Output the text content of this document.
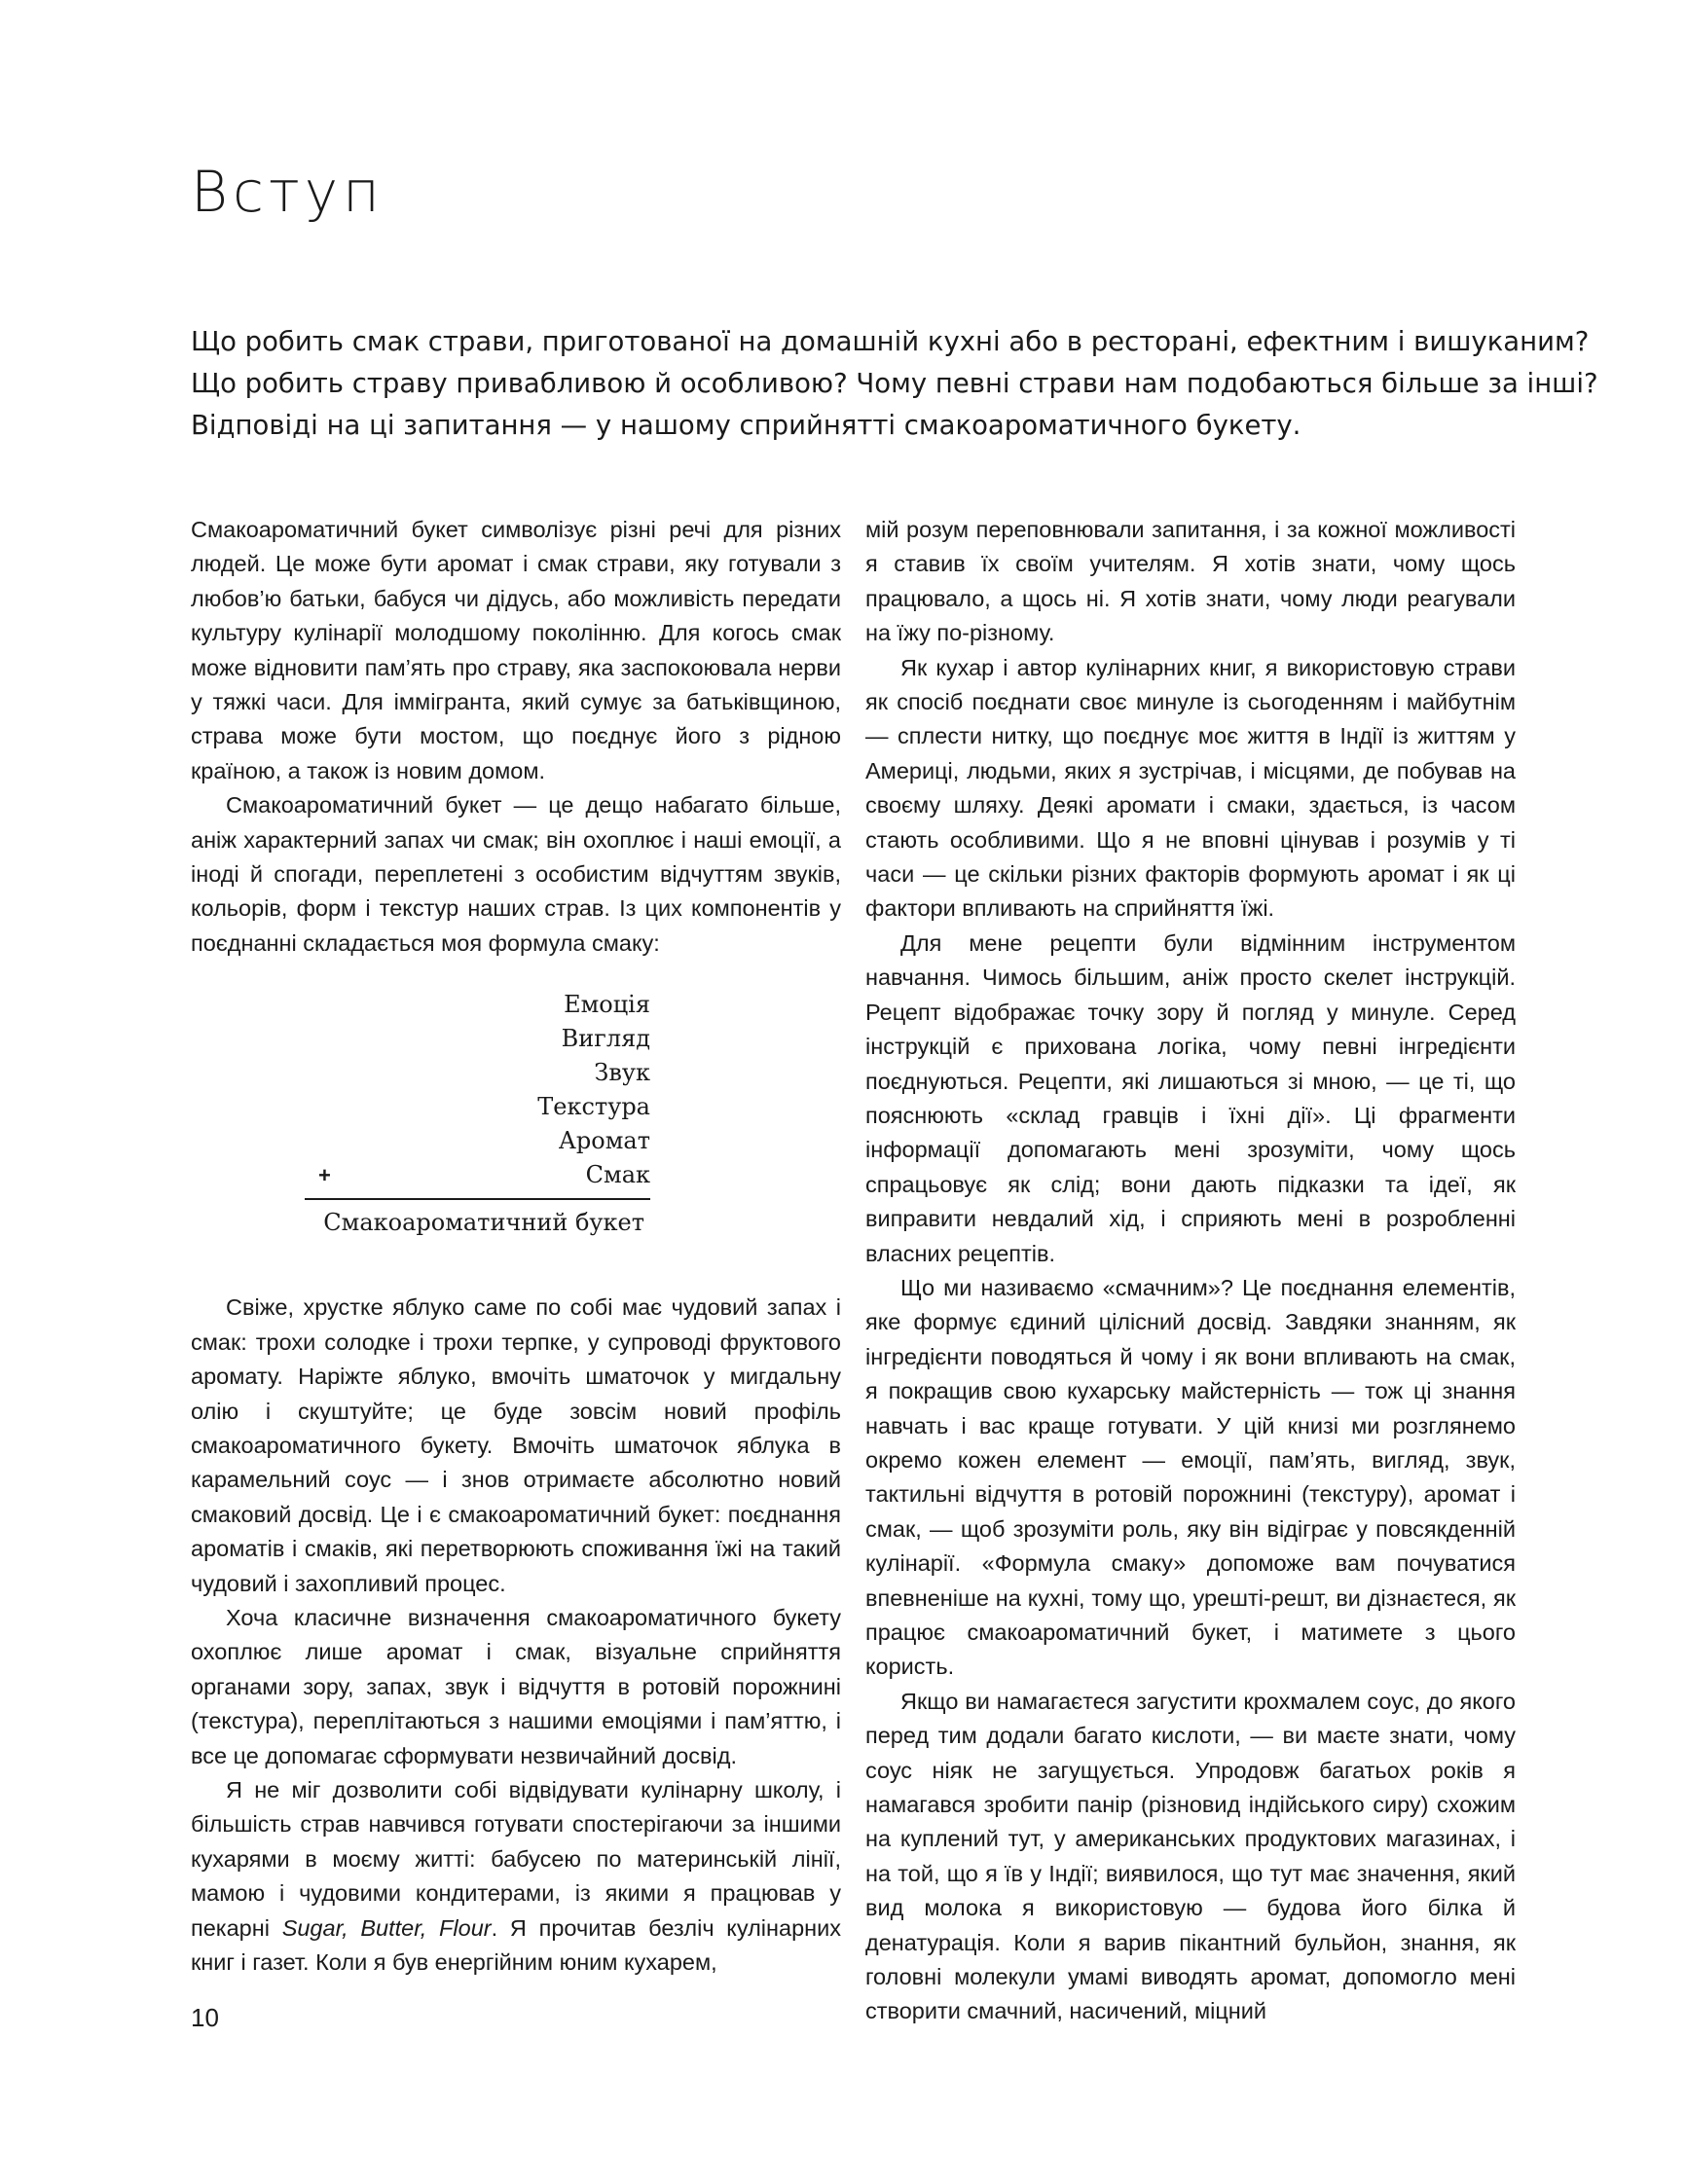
Вступ

Що робить смак страви, приготованої на домашній кухні або в ресторані, ефектним і вишуканим?
Що робить страву привабливою й особливою? Чому певні страви нам подобаються більше за інші?
Відповіді на ці запитання — у нашому сприйнятті смакоароматичного букету.

Смакоароматичний букет символізує різні речі для різних людей. Це може бути аромат і смак страви, яку готували з любов’ю батьки, бабуся чи дідусь, або можливість передати культуру кулінарії молодшому поколінню. Для когось смак може відновити пам’ять про страву, яка заспокоювала нерви у тяжкі часи. Для іммігранта, який сумує за батьківщиною, страва може бути мостом, що поєднує його з рідною країною, а також із новим домом.

Смакоароматичний букет — це дещо набагато більше, аніж характерний запах чи смак; він охоплює і наші емоції, а іноді й спогади, переплетені з особистим відчуттям звуків, кольорів, форм і текстур наших страв. Із цих компонентів у поєднанні складається моя формула смаку:

Емоція
Вигляд
Звук
Текстура
Аромат
+	Смак
Смакоароматичний букет

Свіже, хрустке яблуко саме по собі має чудовий запах і смак: трохи солодке і трохи терпке, у супроводі фруктового аромату. Наріжте яблуко, вмочіть шматочок у мигдальну олію і скуштуйте; це буде зовсім новий профіль смакоароматичного букету. Вмочіть шматочок яблука в карамельний соус — і знов отримаєте абсолютно новий смаковий досвід. Це і є смакоароматичний букет: поєднання ароматів і смаків, які перетворюють споживання їжі на такий чудовий і захопливий процес.

Хоча класичне визначення смакоароматичного букету охоплює лише аромат і смак, візуальне сприйняття органами зору, запах, звук і відчуття в ротовій порожнині (текстура), переплітаються з нашими емоціями і пам’яттю, і все це допомагає сформувати незвичайний досвід.

Я не міг дозволити собі відвідувати кулінарну школу, і більшість страв навчився готувати спостерігаючи за іншими кухарями в моєму житті: бабусею по материнській лінії, мамою і чудовими кондитерами, із якими я працював у пекарні Sugar, Butter, Flour. Я прочитав безліч кулінарних книг і газет. Коли я був енергійним юним кухарем,

мій розум переповнювали запитання, і за кожної можливості я ставив їх своїм учителям. Я хотів знати, чому щось працювало, а щось ні. Я хотів знати, чому люди реагували на їжу по-різному.

Як кухар і автор кулінарних книг, я використовую страви як спосіб поєднати своє минуле із сьогоденням і майбутнім — сплести нитку, що поєднує моє життя в Індії із життям у Америці, людьми, яких я зустрічав, і місцями, де побував на своєму шляху. Деякі аромати і смаки, здається, із часом стають особливими. Що я не вповні цінував і розумів у ті часи — це скільки різних факторів формують аромат і як ці фактори впливають на сприйняття їжі.

Для мене рецепти були відмінним інструментом навчання. Чимось більшим, аніж просто скелет інструкцій. Рецепт відображає точку зору й погляд у минуле. Серед інструкцій є прихована логіка, чому певні інгредієнти поєднуються. Рецепти, які лишаються зі мною, — це ті, що пояснюють «склад гравців і їхні дії». Ці фрагменти інформації допомагають мені зрозуміти, чому щось спрацьовує як слід; вони дають підказки та ідеї, як виправити невдалий хід, і сприяють мені в розробленні власних рецептів.

Що ми називаємо «смачним»? Це поєднання елементів, яке формує єдиний цілісний досвід. Завдяки знанням, як інгредієнти поводяться й чому і як вони впливають на смак, я покращив свою кухарську майстерність — тож ці знання навчать і вас краще готувати. У цій книзі ми розглянемо окремо кожен елемент — емоції, пам’ять, вигляд, звук, тактильні відчуття в ротовій порожнині (текстуру), аромат і смак, — щоб зрозуміти роль, яку він відіграє у повсякденній кулінарії. «Формула смаку» допоможе вам почуватися впевненіше на кухні, тому що, урешті-решт, ви дізнаєтеся, як працює смакоароматичний букет, і матимете з цього користь.

Якщо ви намагаєтеся загустити крохмалем соус, до якого перед тим додали багато кислоти, — ви маєте знати, чому соус ніяк не загущується. Упродовж багатьох років я намагався зробити панір (різновид індійського сиру) схожим на куплений тут, у американських продуктових магазинах, і на той, що я їв у Індії; виявилося, що тут має значення, який вид молока я використовую — будова його білка й денатурація. Коли я варив пікантний бульйон, знання, як головні молекули умамі виводять аромат, допомогло мені створити смачний, насичений, міцний

10
